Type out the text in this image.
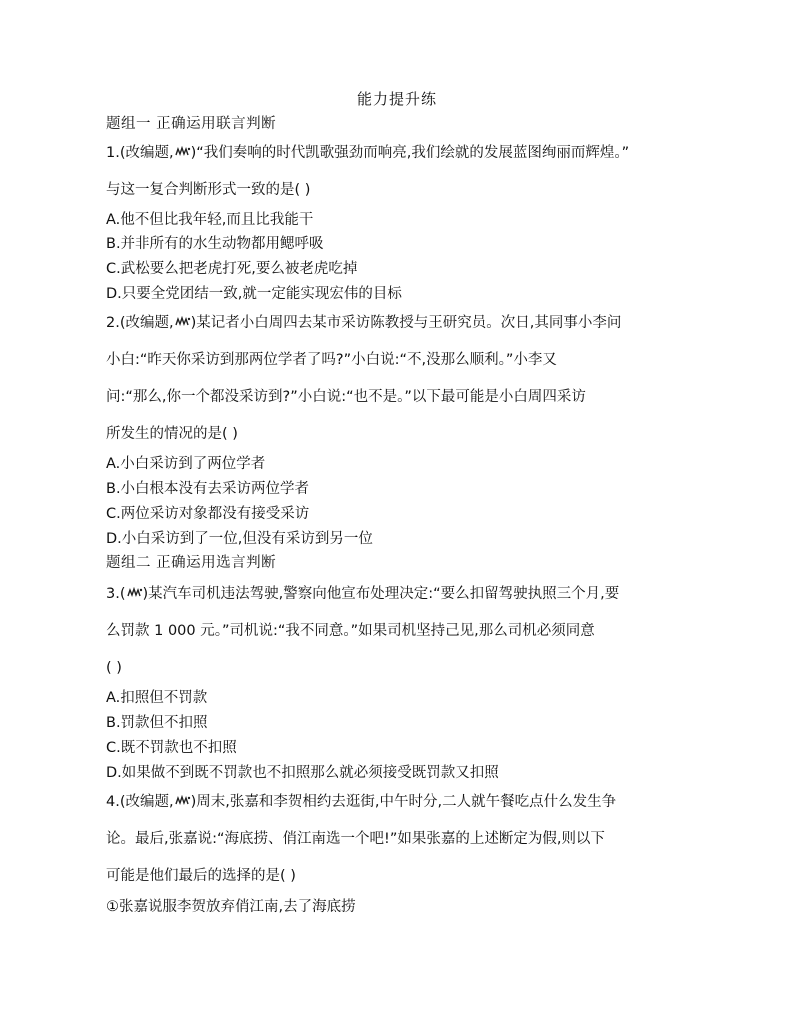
能力提升练
题组一 正确运用联言判断
1.(改编题, )“我们奏响的时代凯歌强劲而响亮,我们绘就的发展蓝图绚丽而辉煌。”
与这一复合判断形式一致的是( )
A.他不但比我年轻,而且比我能干
B.并非所有的水生动物都用鳃呼吸
C.武松要么把老虎打死,要么被老虎吃掉
D.只要全党团结一致,就一定能实现宏伟的目标
2.(改编题, )某记者小白周四去某市采访陈教授与王研究员。次日,其同事小李问
小白:“昨天你采访到那两位学者了吗?”小白说:“不,没那么顺利。”小李又
问:“那么,你一个都没采访到?”小白说:“也不是。”以下最可能是小白周四采访
所发生的情况的是( )
A.小白采访到了两位学者
B.小白根本没有去采访两位学者
C.两位采访对象都没有接受采访
D.小白采访到了一位,但没有采访到另一位
题组二 正确运用选言判断
3.( )某汽车司机违法驾驶,警察向他宣布处理决定:“要么扣留驾驶执照三个月,要
么罚款 1 000 元。”司机说:“我不同意。”如果司机坚持己见,那么司机必须同意
( )
A.扣照但不罚款
B.罚款但不扣照
C.既不罚款也不扣照
D.如果做不到既不罚款也不扣照那么就必须接受既罚款又扣照
4.(改编题, )周末,张嘉和李贺相约去逛街,中午时分,二人就午餐吃点什么发生争
论。最后,张嘉说:“海底捞、俏江南选一个吧!”如果张嘉的上述断定为假,则以下
可能是他们最后的选择的是( )
①张嘉说服李贺放弃俏江南,去了海底捞
